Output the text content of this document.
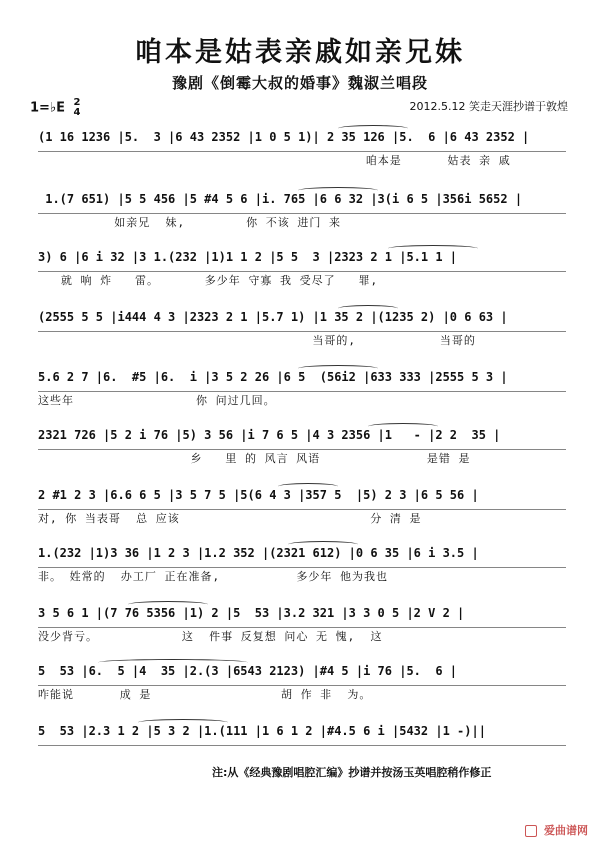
咱本是姑表亲戚如亲兄妹
豫剧《倒霉大叔的婚事》魏淑兰唱段
1=♭E 2
4	2012.5.12 笑走天涯抄谱于敦煌
(1 16 1236 |5.  3 |6 43 2352 |1 0 5 1)| 2 35 126 |5.  6 |6 43 2352 |
咱本是      姑表 亲 戚
1.(7 651) |5 5 456 |5 #4 5 6 |i. 765 |6 6 32 |3(i 6 5 |356i 5652 |
如亲兄  妹,        你 不该 进门 来
3) 6 |6 i 32 |3 1.(232 |1)1 1 2 |5 5  3 |2323 2 1 |5.1 1 |
就 响 炸   雷。      多少年 守寡 我 受尽了   罪,
(2555 5 5 |i444 4 3 |2323 2 1 |5.7 1) |1 35 2 |(1235 2) |0 6 63 |
当哥的,           当哥的
5.6 2 7 |6.  #5 |6.  i |3 5 2 26 |6 5  (56i2 |633 333 |2555 5 3 |
这些年                你 问过几回。
2321 726 |5 2 i 76 |5) 3 56 |i 7 6 5 |4 3 2356 |1   - |2 2  35 |
乡   里 的 风言 风语              是错 是
2 #1 2 3 |6.6 6 5 |3 5 7 5 |5(6 4 3 |357 5  |5) 2 3 |6 5 56 |
对, 你 当表哥  总 应该                         分 清 是
1.(232 |1)3 36 |1 2 3 |1.2 352 |(2321 612) |0 6 35 |6 i 3.5 |
非。 姓常的  办工厂 正在准备,          多少年 他为我也
3 5 6 1 |(7 76 5356 |1) 2 |5  53 |3.2 321 |3 3 0 5 |2 V 2 |
没少背亏。           这  件事 反复想 问心 无 愧,  这
5  53 |6.  5 |4  35 |2.(3 |6543 2123) |#4 5 |i 76 |5.  6 |
咋能说      成 是                 胡 作 非  为。
5  53 |2.3 1 2 |5 3 2 |1.(111 |1 6 1 2 |#4.5 6 i |5432 |1 -)||
注:从《经典豫剧唱腔汇编》抄谱并按汤玉英唱腔稍作修正
爱曲谱网
